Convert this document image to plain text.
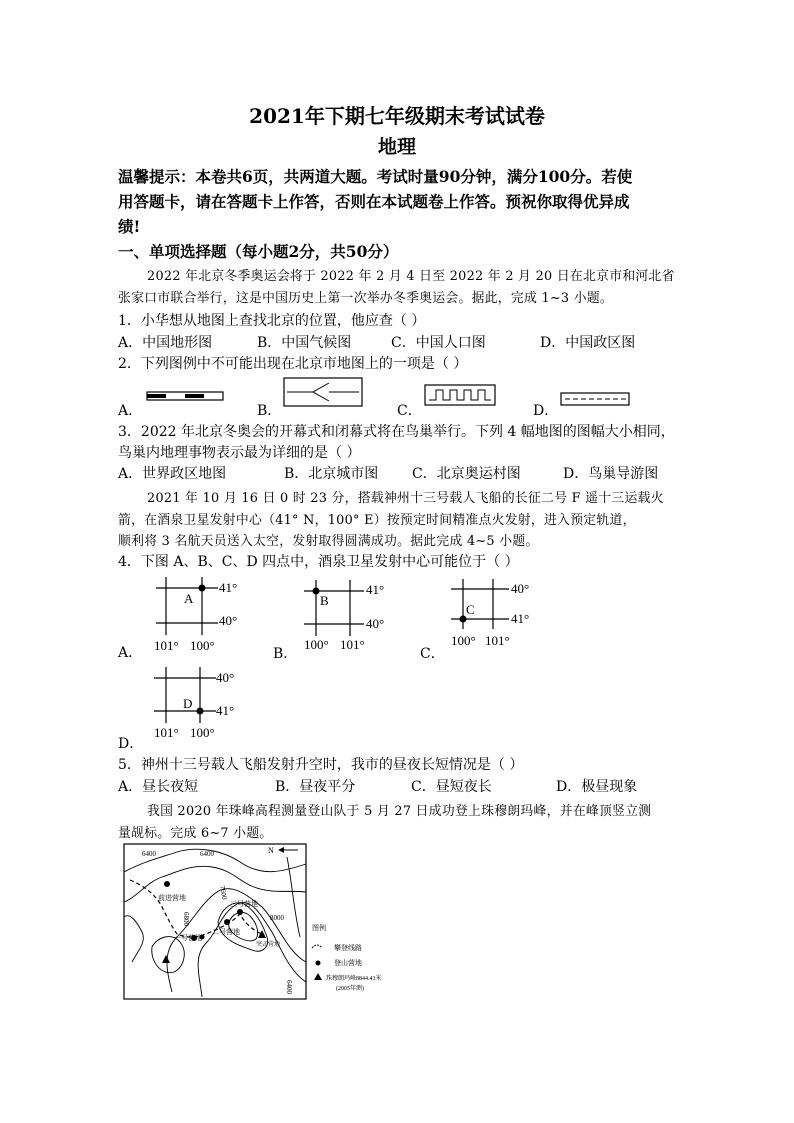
2021年下期七年级期末考试试卷
地理
温馨提示：本卷共6页，共两道大题。考试时量90分钟，满分100分。若使
用答题卡，请在答题卡上作答，否则在本试题卷上作答。预祝你取得优异成
绩!
一、单项选择题（每小题2分，共50分）
2022 年北京冬季奥运会将于 2022 年 2 月 4 日至 2022 年 2 月 20 日在北京市和河北省
张家口市联合举行，这是中国历史上第一次举办冬季奥运会。据此，完成 1~3 小题。
1．小华想从地图上查找北京的位置，他应查（ ）
A．中国地形图	B．中国气候图	C．中国人口图	D．中国政区图
2．下列图例中不可能出现在北京市地图上的一项是（ ）
A．	B．	C．	D．
3．2022 年北京冬奥会的开幕式和闭幕式将在鸟巢举行。下列 4 幅地图的图幅大小相同，
鸟巢内地理事物表示最为详细的是（ ）
A．世界政区地图	B．北京城市图 C．北京奥运村图	D．鸟巢导游图
2021 年 10 月 16 日 0 时 23 分，搭载神州十三号载人飞船的长征二号 F 遥十三运载火
箭，在酒泉卫星发射中心（41° N，100° E）按预定时间精准点火发射，进入预定轨道，
顺利将 3 名航天员送入太空，发射取得圆满成功。据此完成 4~5 小题。
4．下图 A、B、C、D 四点中，酒泉卫星发射中心可能位于（ ）
A
41°
40°
101° 100°
A．
B
41°
40°
100° 101°
B．
C
40°
41°
100° 101°
C．
D
40°
41°
101° 100°
D．
5．神州十三号载人飞船发射升空时，我市的昼夜长短情况是（ ）
A．昼长夜短	B．昼夜平分	C．昼短夜长	D．极昼现象
我国 2020 年珠峰高程测量登山队于 5 月 27 日成功登上珠穆朗玛峰，并在峰顶竖立测
量觇标。完成 6~7 小题。
前进营地
一号营地
二号营地
三号营地
突击营地
6400	6400
6800
7600
8000
6400
N
图例
攀登线路
登山营地
珠穆朗玛峰8844.43米
(2005年测)
